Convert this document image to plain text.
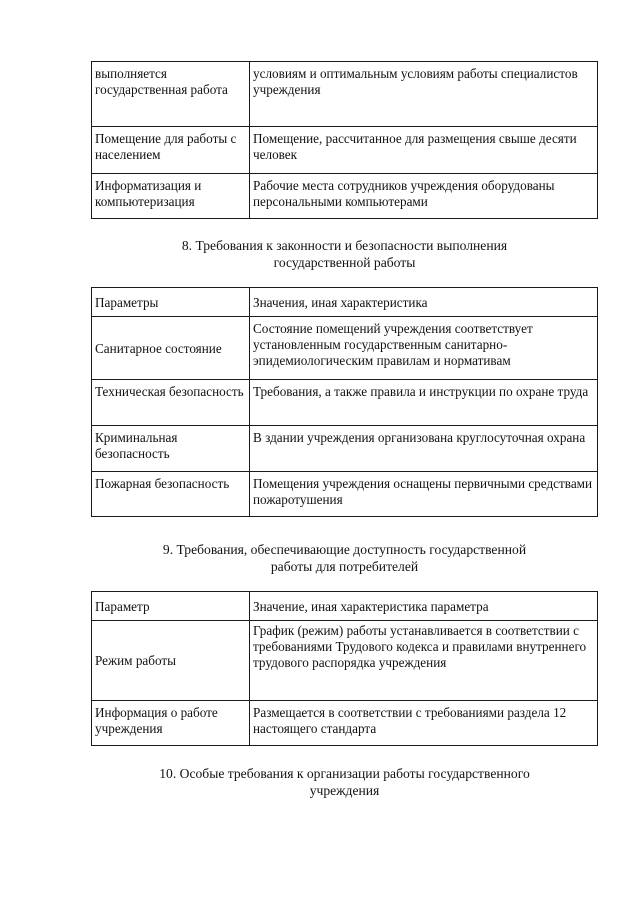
выполняется государственная работа	условиям и оптимальным условиям работы специалистов учреждения
Помещение для работы с населением	Помещение, рассчитанное для размещения свыше десяти человек
Информатизация и компьютеризация	Рабочие места сотрудников учреждения оборудованы персональными компьютерами
8. Требования к законности и безопасности выполнения
государственной работы
Параметры	Значения, иная характеристика
Санитарное состояние	Состояние помещений учреждения соответствует установленным государственным санитарно-эпидемиологическим правилам и нормативам
Техническая безопасность	Требования, а также правила и инструкции по охране труда
Криминальная безопасность	В здании учреждения организована круглосуточная охрана
Пожарная безопасность	Помещения учреждения оснащены первичными средствами пожаротушения
9. Требования, обеспечивающие доступность государственной
работы для потребителей
Параметр	Значение, иная характеристика параметра
Режим работы	График (режим) работы устанавливается в соответствии с требованиями Трудового кодекса и правилами внутреннего трудового распорядка учреждения
Информация о работе учреждения	Размещается в соответствии с требованиями раздела 12 настоящего стандарта
10. Особые требования к организации работы государственного
учреждения
